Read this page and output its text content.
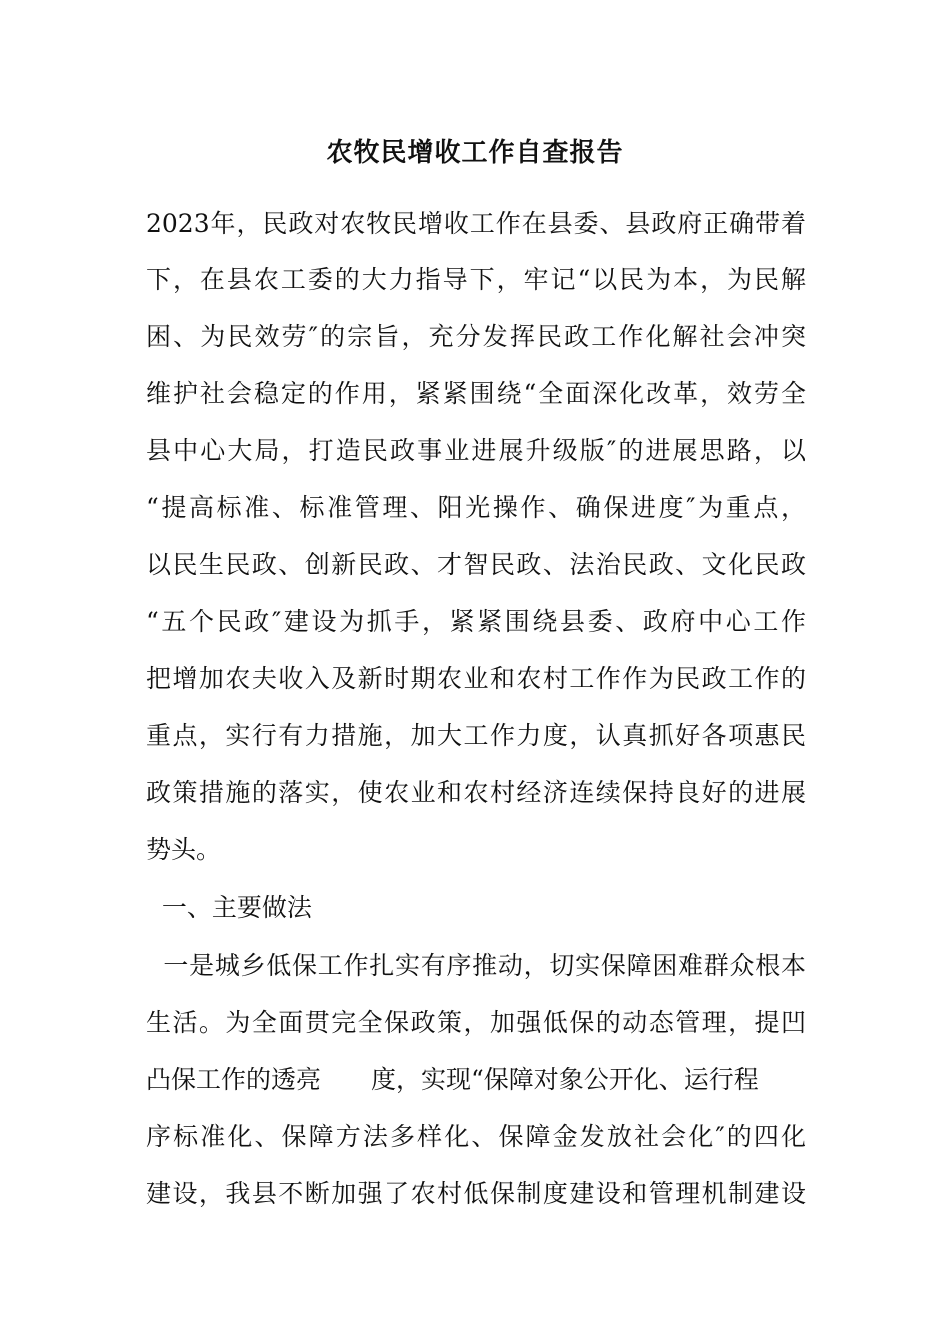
农牧民增收工作自查报告

2023年，民政对农牧民增收工作在县委、县政府正确带着

下，在县农工委的大力指导下，牢记“以民为本，为民解

困、为民效劳″的宗旨，充分发挥民政工作化解社会冲突

维护社会稳定的作用，紧紧围绕“全面深化改革，效劳全

县中心大局，打造民政事业进展升级版″的进展思路，以

“提高标准、标准管理、阳光操作、确保进度″为重点，

以民生民政、创新民政、才智民政、法治民政、文化民政

“五个民政″建设为抓手，紧紧围绕县委、政府中心工作

把增加农夫收入及新时期农业和农村工作作为民政工作的

重点，实行有力措施，加大工作力度，认真抓好各项惠民

政策措施的落实，使农业和农村经济连续保持良好的进展

势头。

一、主要做法

一是城乡低保工作扎实有序推动，切实保障困难群众根本

生活。为全面贯完全保政策，加强低保的动态管理，提凹

凸保工作的透亮 度，实现“保障对象公开化、运行程

序标准化、保障方法多样化、保障金发放社会化″的四化

建设，我县不断加强了农村低保制度建设和管理机制建设
